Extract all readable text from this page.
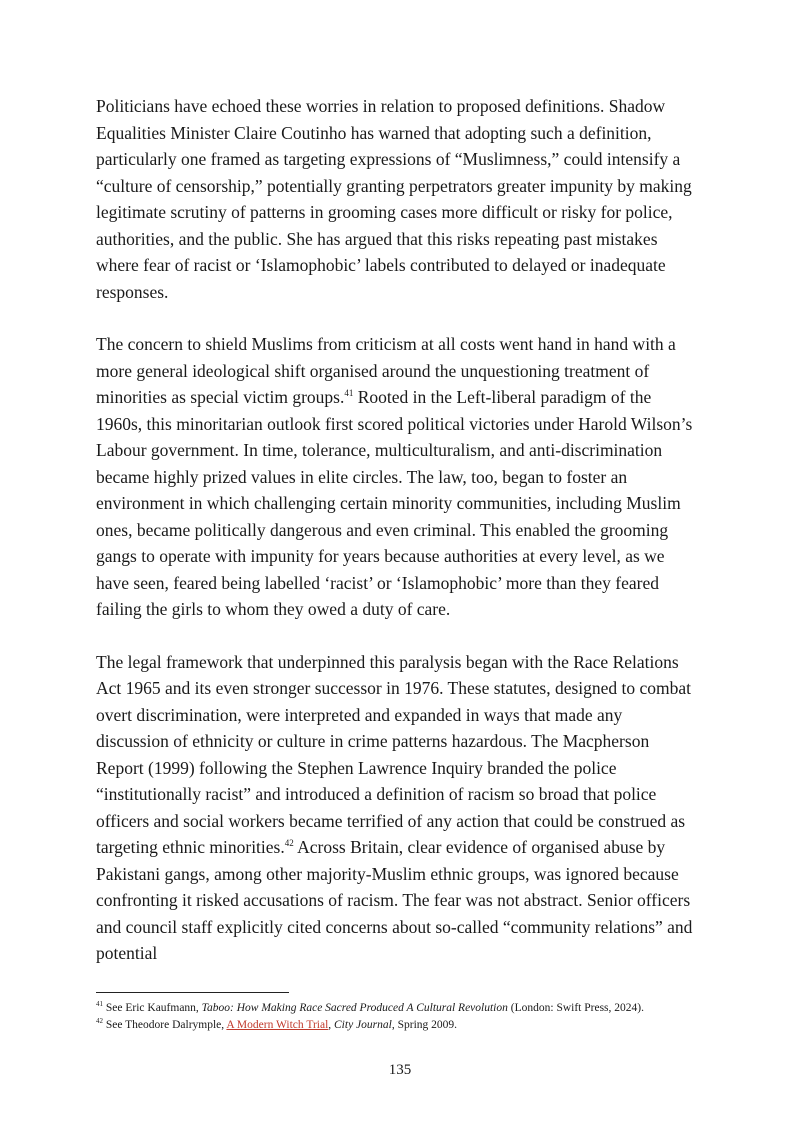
Politicians have echoed these worries in relation to proposed definitions. Shadow Equalities Minister Claire Coutinho has warned that adopting such a definition, particularly one framed as targeting expressions of “Muslimness,” could intensify a “culture of censorship,” potentially granting perpetrators greater impunity by making legitimate scrutiny of patterns in grooming cases more difficult or risky for police, authorities, and the public. She has argued that this risks repeating past mistakes where fear of racist or ‘Islamophobic’ labels contributed to delayed or inadequate responses.

The concern to shield Muslims from criticism at all costs went hand in hand with a more general ideological shift organised around the unquestioning treatment of minorities as special victim groups.$^{41}$ Rooted in the Left-liberal paradigm of the 1960s, this minoritarian outlook first scored political victories under Harold Wilson’s Labour government. In time, tolerance, multiculturalism, and anti-discrimination became highly prized values in elite circles. The law, too, began to foster an environment in which challenging certain minority communities, including Muslim ones, became politically dangerous and even criminal. This enabled the grooming gangs to operate with impunity for years because authorities at every level, as we have seen, feared being labelled ‘racist’ or ‘Islamophobic’ more than they feared failing the girls to whom they owed a duty of care.

The legal framework that underpinned this paralysis began with the Race Relations Act 1965 and its even stronger successor in 1976. These statutes, designed to combat overt discrimination, were interpreted and expanded in ways that made any discussion of ethnicity or culture in crime patterns hazardous. The Macpherson Report (1999) following the Stephen Lawrence Inquiry branded the police “institutionally racist” and introduced a definition of racism so broad that police officers and social workers became terrified of any action that could be construed as targeting ethnic minorities.$^{42}$ Across Britain, clear evidence of organised abuse by Pakistani gangs, among other majority-Muslim ethnic groups, was ignored because confronting it risked accusations of racism. The fear was not abstract. Senior officers and council staff explicitly cited concerns about so-called “community relations” and potential

$^{41}$ See Eric Kaufmann, Taboo: How Making Race Sacred Produced A Cultural Revolution (London: Swift Press, 2024).
$^{42}$ See Theodore Dalrymple, A Modern Witch Trial, City Journal, Spring 2009.
135
